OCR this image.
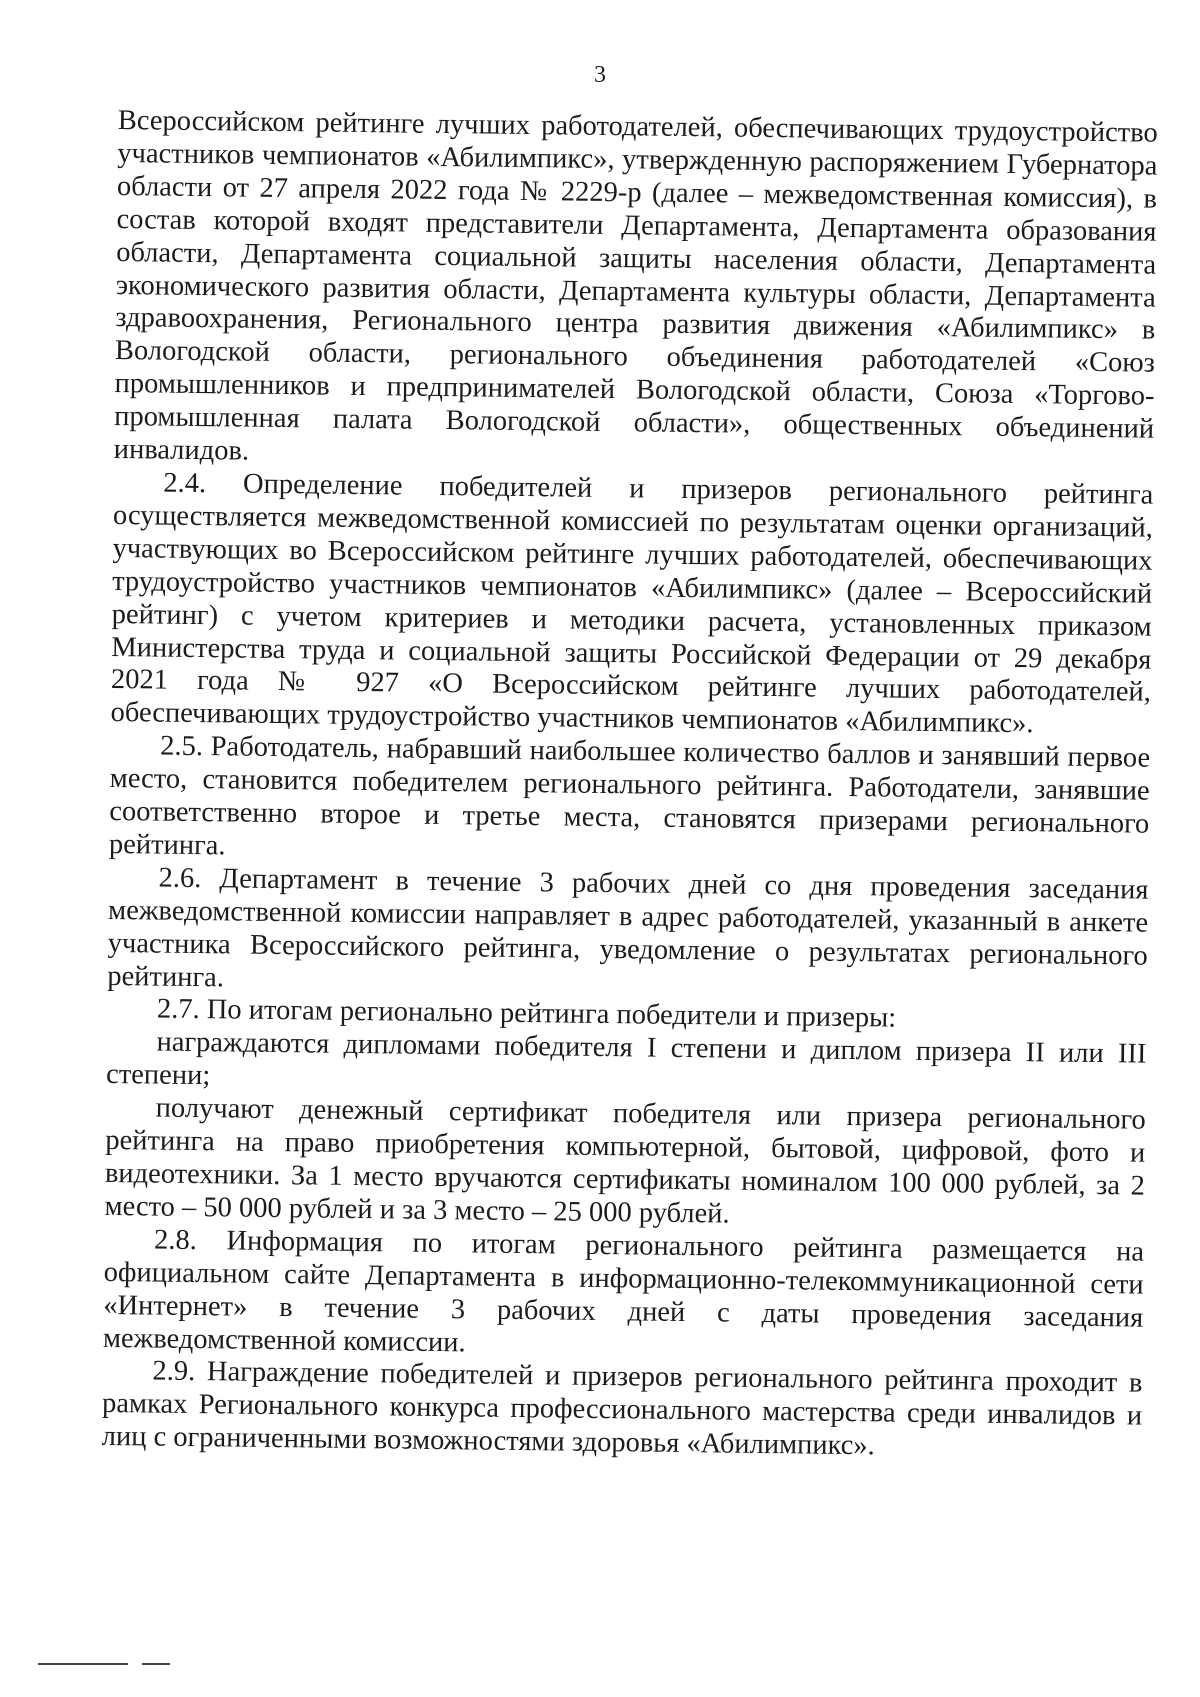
3

Всероссийском рейтинге лучших работодателей, обеспечивающих трудоустройство участников чемпионатов «Абилимпикс», утвержденную распоряжением Губернатора области от 27 апреля 2022 года № 2229-р (далее – межведомственная комиссия), в состав которой входят представители Департамента, Департамента образования области, Департамента социальной защиты населения области, Департамента экономического развития области, Департамента культуры области, Департамента здравоохранения, Регионального центра развития движения «Абилимпикс» в Вологодской области, регионального объединения работодателей «Союз промышленников и предпринимателей Вологодской области, Союза «Торгово-промышленная палата Вологодской области», общественных объединений инвалидов.

2.4. Определение победителей и призеров регионального рейтинга осуществляется межведомственной комиссией по результатам оценки организаций, участвующих во Всероссийском рейтинге лучших работодателей, обеспечивающих трудоустройство участников чемпионатов «Абилимпикс» (далее – Всероссийский рейтинг) с учетом критериев и методики расчета, установленных приказом Министерства труда и социальной защиты Российской Федерации от 29 декабря 2021 года № 927 «О Всероссийском рейтинге лучших работодателей, обеспечивающих трудоустройство участников чемпионатов «Абилимпикс».

2.5. Работодатель, набравший наибольшее количество баллов и занявший первое место, становится победителем регионального рейтинга. Работодатели, занявшие соответственно второе и третье места, становятся призерами регионального рейтинга.

2.6. Департамент в течение 3 рабочих дней со дня проведения заседания межведомственной комиссии направляет в адрес работодателей, указанный в анкете участника Всероссийского рейтинга, уведомление о результатах регионального рейтинга.

2.7. По итогам регионально рейтинга победители и призеры:

награждаются дипломами победителя I степени и диплом призера II или III степени;

получают денежный сертификат победителя или призера регионального рейтинга на право приобретения компьютерной, бытовой, цифровой, фото и видеотехники. За 1 место вручаются сертификаты номиналом 100 000 рублей, за 2 место – 50 000 рублей и за 3 место – 25 000 рублей.

2.8. Информация по итогам регионального рейтинга размещается на официальном сайте Департамента в информационно-телекоммуникационной сети «Интернет» в течение 3 рабочих дней с даты проведения заседания межведомственной комиссии.

2.9. Награждение победителей и призеров регионального рейтинга проходит в рамках Регионального конкурса профессионального мастерства среди инвалидов и лиц с ограниченными возможностями здоровья «Абилимпикс».
